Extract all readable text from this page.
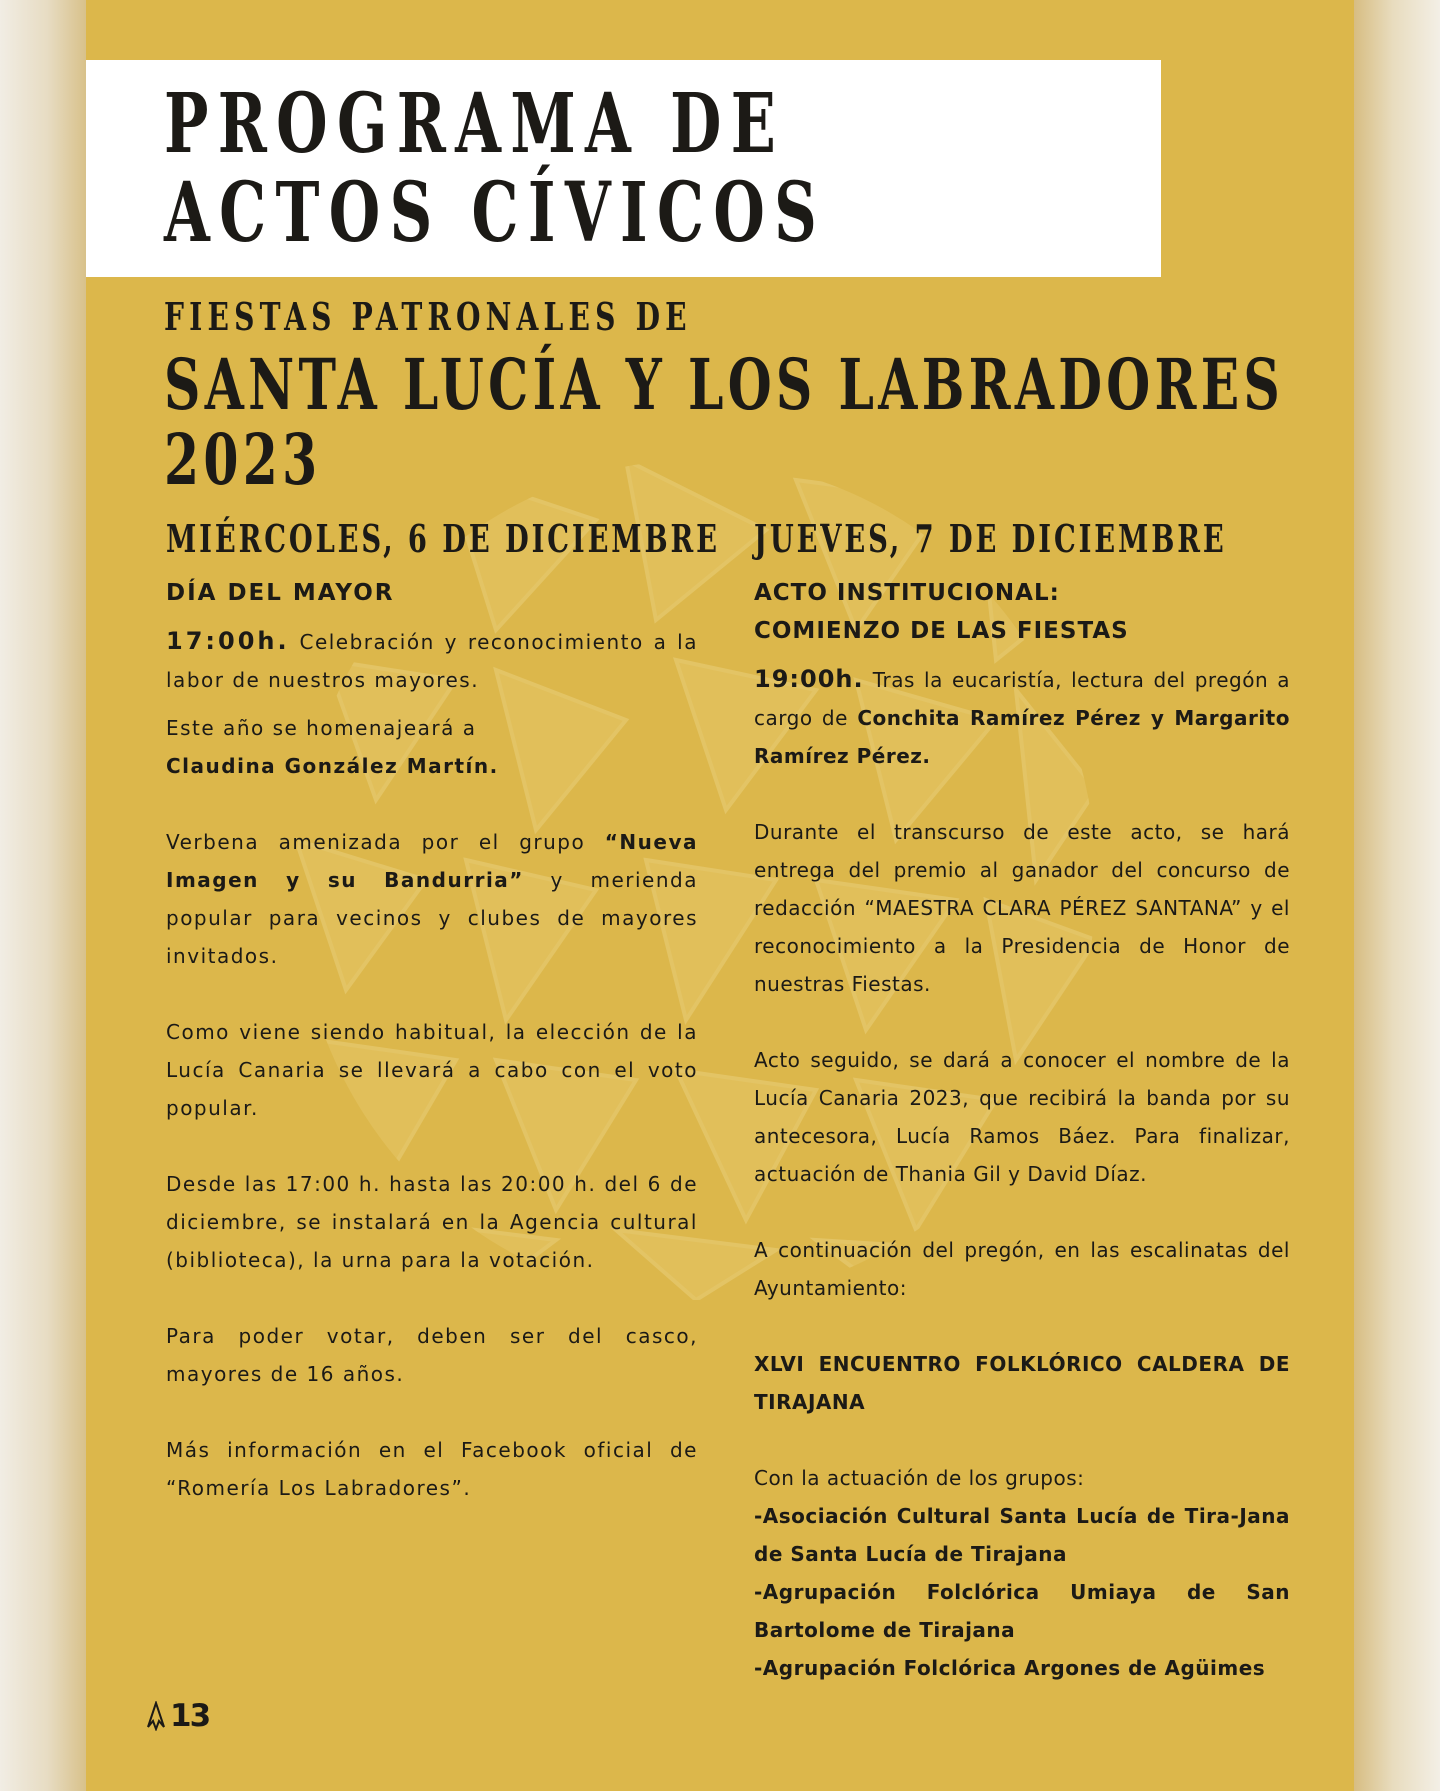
PROGRAMA DE
ACTOS CÍVICOS
FIESTAS PATRONALES DE
SANTA LUCÍA Y LOS LABRADORES
2023
MIÉRCOLES, 6 DE DICIEMBRE
DÍA DEL MAYOR

17:00h. Celebración y reconocimiento a la labor de nuestros mayores.

Este año se homenajeará a
Claudina González Martín.

Verbena amenizada por el grupo “Nueva Imagen y su Bandurria” y merienda popular para vecinos y clubes de mayores invitados.

Como viene siendo habitual, la elección de la Lucía Canaria se llevará a cabo con el voto popular.

Desde las 17:00 h. hasta las 20:00 h. del 6 de diciembre, se instalará en la Agencia cultural (biblioteca), la urna para la votación.

Para poder votar, deben ser del casco, mayores de 16 años.

Más información en el Facebook oficial de “Romería Los Labradores”.

JUEVES, 7 DE DICIEMBRE
ACTO INSTITUCIONAL:
COMIENZO DE LAS FIESTAS

19:00h. Tras la eucaristía, lectura del pregón a cargo de Conchita Ramírez Pérez y Margarito Ramírez Pérez.

Durante el transcurso de este acto, se hará entrega del premio al ganador del concurso de redacción “MAESTRA CLARA PÉREZ SANTANA” y el reconocimiento a la Presidencia de Honor de nuestras Fiestas.

Acto seguido, se dará a conocer el nombre de la Lucía Canaria 2023, que recibirá la banda por su antecesora, Lucía Ramos Báez. Para finalizar, actuación de Thania Gil y David Díaz.

A continuación del pregón, en las escalinatas del Ayuntamiento:

XLVI ENCUENTRO FOLKLÓRICO CALDERA DE TIRAJANA

Con la actuación de los grupos:

-Asociación Cultural Santa Lucía de Tira-Jana de Santa Lucía de Tirajana

-Agrupación Folclórica Umiaya de San Bartolome de Tirajana

-Agrupación Folclórica Argones de Agüimes

13
